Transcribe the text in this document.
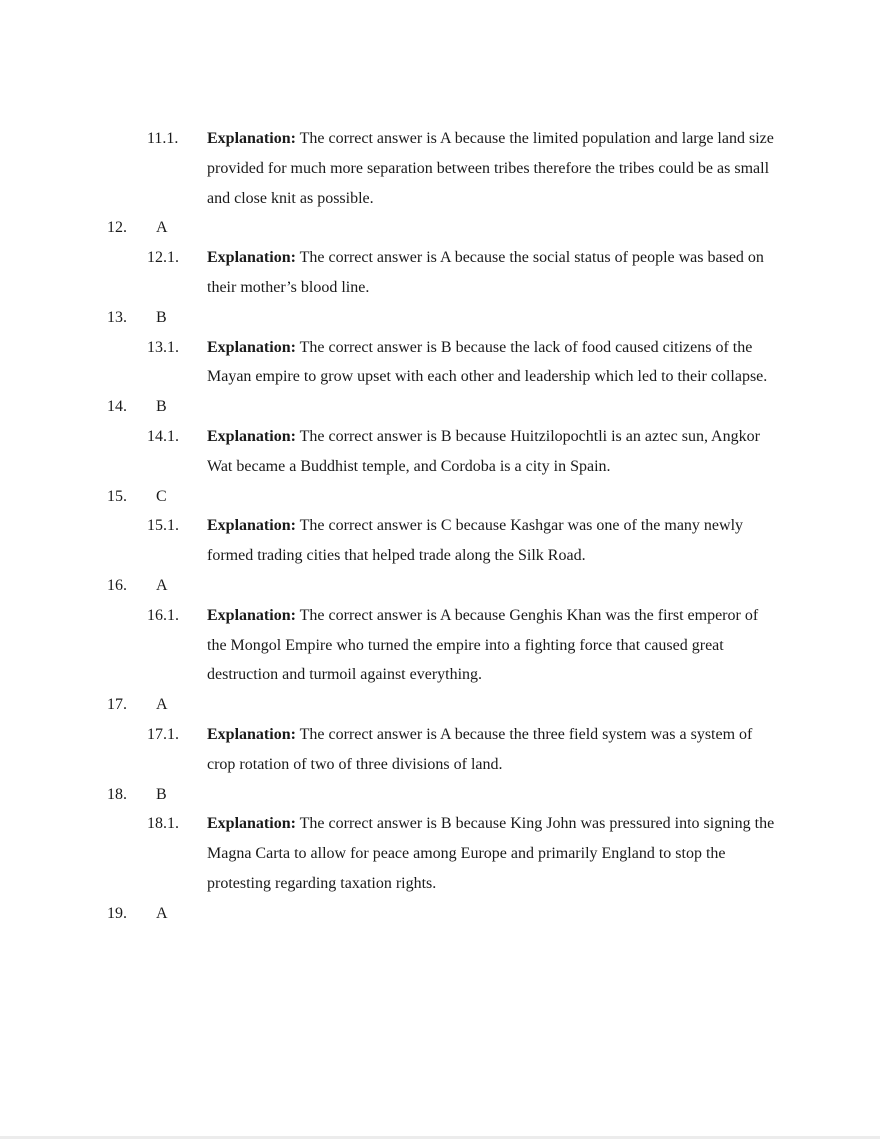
11.1. Explanation: The correct answer is A because the limited population and large land size provided for much more separation between tribes therefore the tribes could be as small and close knit as possible.
12.	A
12.1. Explanation: The correct answer is A because the social status of people was based on their mother’s blood line.
13.	B
13.1. Explanation: The correct answer is B because the lack of food caused citizens of the Mayan empire to grow upset with each other and leadership which led to their collapse.
14.	B
14.1. Explanation: The correct answer is B because Huitzilopochtli is an aztec sun, Angkor Wat became a Buddhist temple, and Cordoba is a city in Spain.
15.	C
15.1. Explanation: The correct answer is C because Kashgar was one of the many newly formed trading cities that helped trade along the Silk Road.
16.	A
16.1. Explanation: The correct answer is A because Genghis Khan was the first emperor of the Mongol Empire who turned the empire into a fighting force that caused great destruction and turmoil against everything.
17.	A
17.1. Explanation: The correct answer is A because the three field system was a system of crop rotation of two of three divisions of land.
18.	B
18.1. Explanation: The correct answer is B because King John was pressured into signing the Magna Carta to allow for peace among Europe and primarily England to stop the protesting regarding taxation rights.
19.	A
